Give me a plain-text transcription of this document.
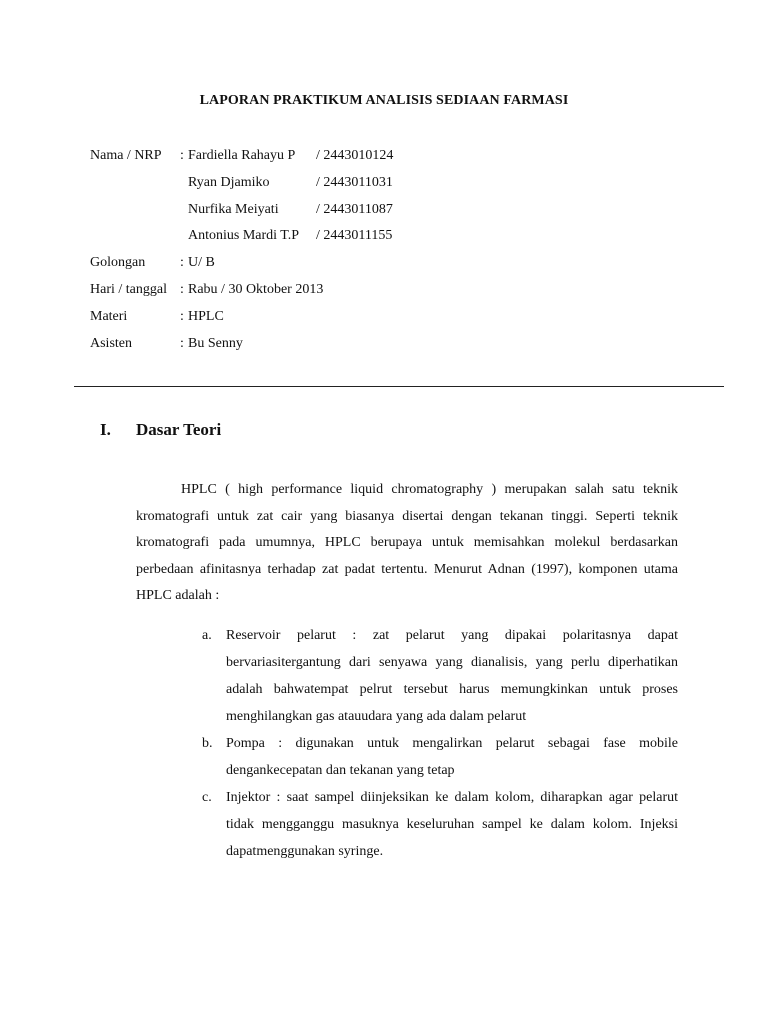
LAPORAN PRAKTIKUM ANALISIS SEDIAAN FARMASI
Nama / NRP : Fardiella Rahayu P / 2443010124
Ryan Djamiko	/ 2443011031
Nurfika Meiyati	/ 2443011087
Antonius Mardi T.P / 2443011155
Golongan : U/ B
Hari / tanggal : Rabu / 30 Oktober 2013
Materi	: HPLC
Asisten	: Bu Senny
I. Dasar Teori

HPLC ( high performance liquid chromatography ) merupakan salah satu teknik kromatografi untuk zat cair yang biasanya disertai dengan tekanan tinggi. Seperti teknik kromatografi pada umumnya, HPLC berupaya untuk memisahkan molekul berdasarkan perbedaan afinitasnya terhadap zat padat tertentu. Menurut Adnan (1997), komponen utama HPLC adalah :

a. Reservoir pelarut : zat pelarut yang dipakai polaritasnya dapat bervariasitergantung dari senyawa yang dianalisis, yang perlu diperhatikan adalah bahwatempat pelrut tersebut harus memungkinkan untuk proses menghilangkan gas atauudara yang ada dalam pelarut
b. Pompa : digunakan untuk mengalirkan pelarut sebagai fase mobile dengankecepatan dan tekanan yang tetap
c. Injektor : saat sampel diinjeksikan ke dalam kolom, diharapkan agar pelarut tidak mengganggu masuknya keseluruhan sampel ke dalam kolom. Injeksi dapatmenggunakan syringe.
